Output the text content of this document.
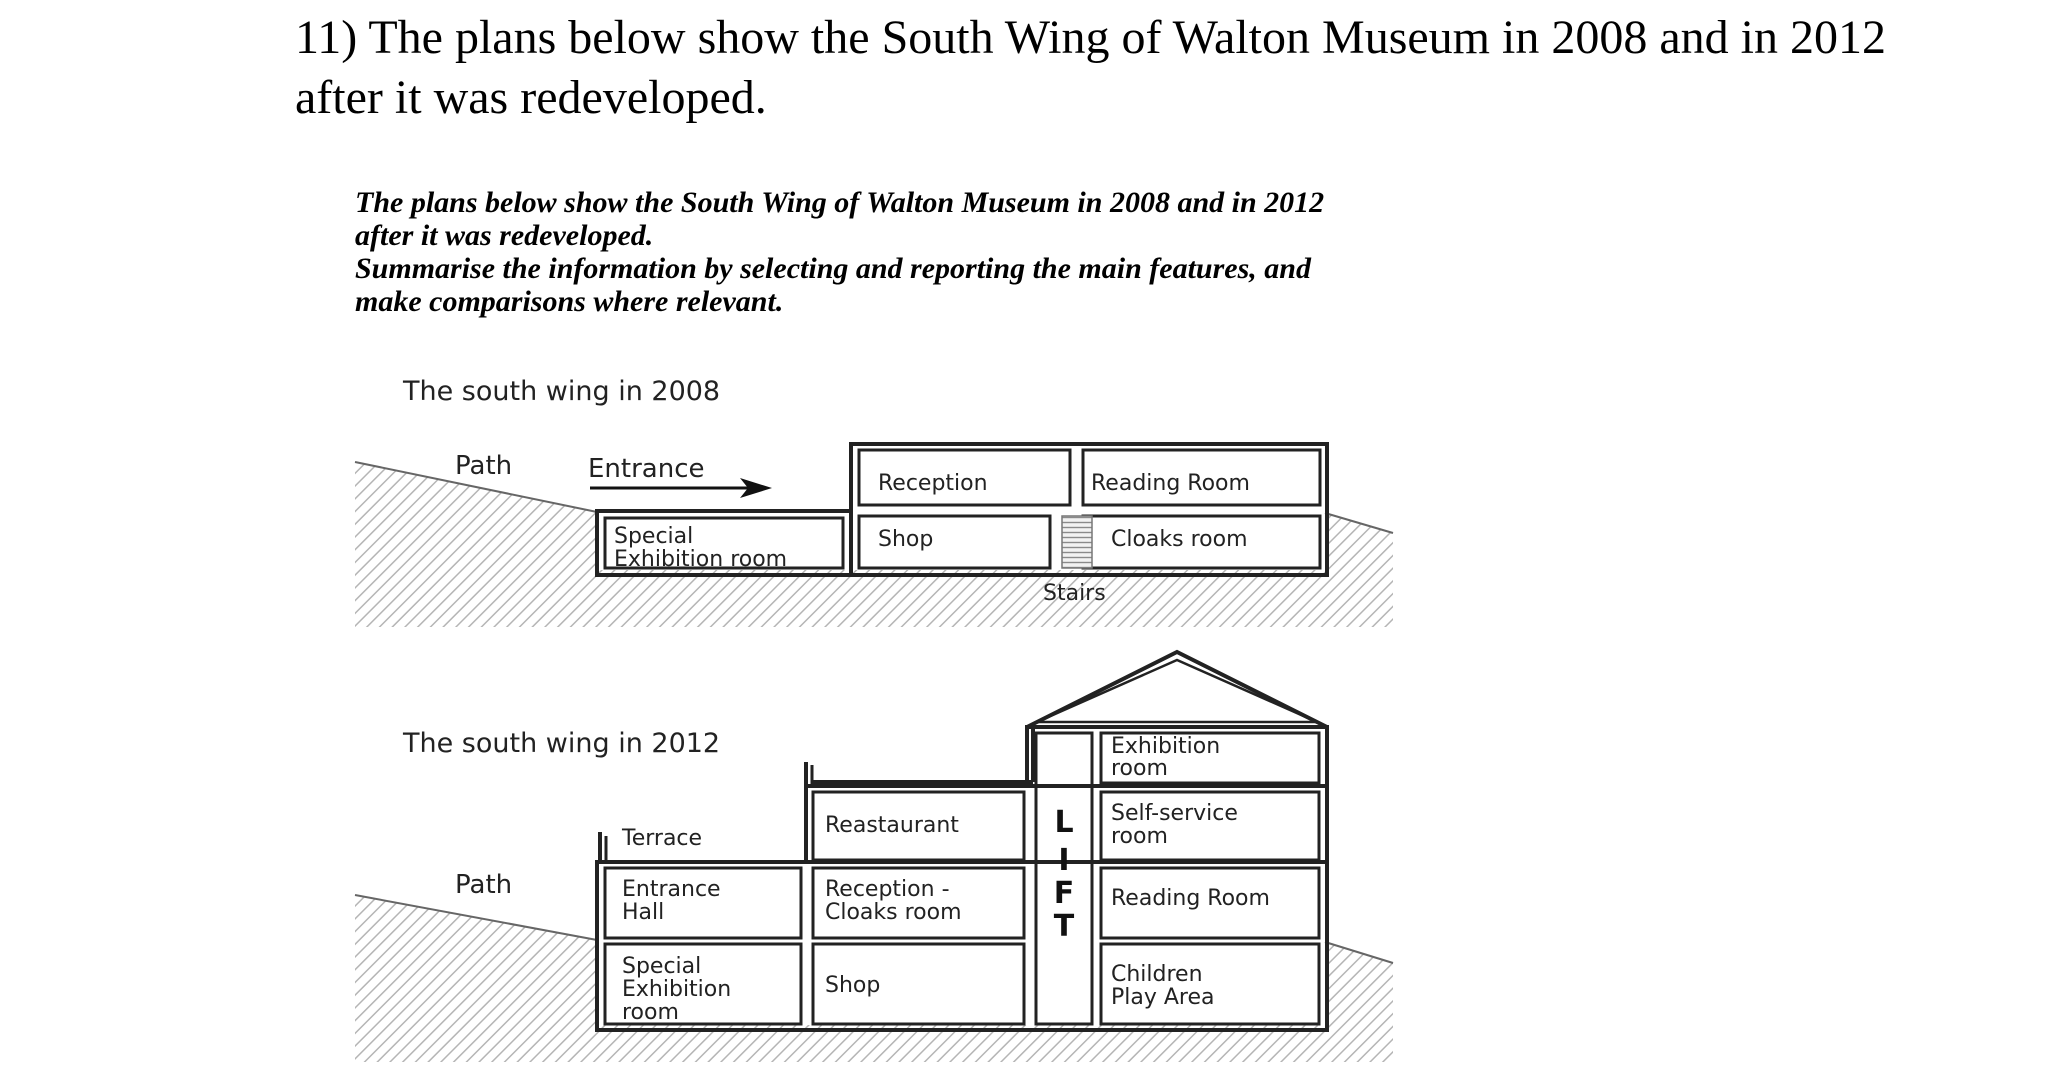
11) The plans below show the South Wing of Walton Museum in 2008 and in 2012
after it was redeveloped.
The plans below show the South Wing of Walton Museum in 2008 and in 2012
after it was redeveloped.
Summarise the information by selecting and reporting the main features, and
make comparisons where relevant.
The south wing in 2008
Path	Entrance	Reception	Reading Room
Special
Exhibition room
Shop	Cloaks room
Stairs
The south wing in 2012
Path
Terrace
Reastaurant
Exhibition
room
Self-service
room
Reading Room
Entrance
Hall
Reception -
Cloaks room
Special
Exhibition
room
Shop	Children
Play Area
L
I
F
T
